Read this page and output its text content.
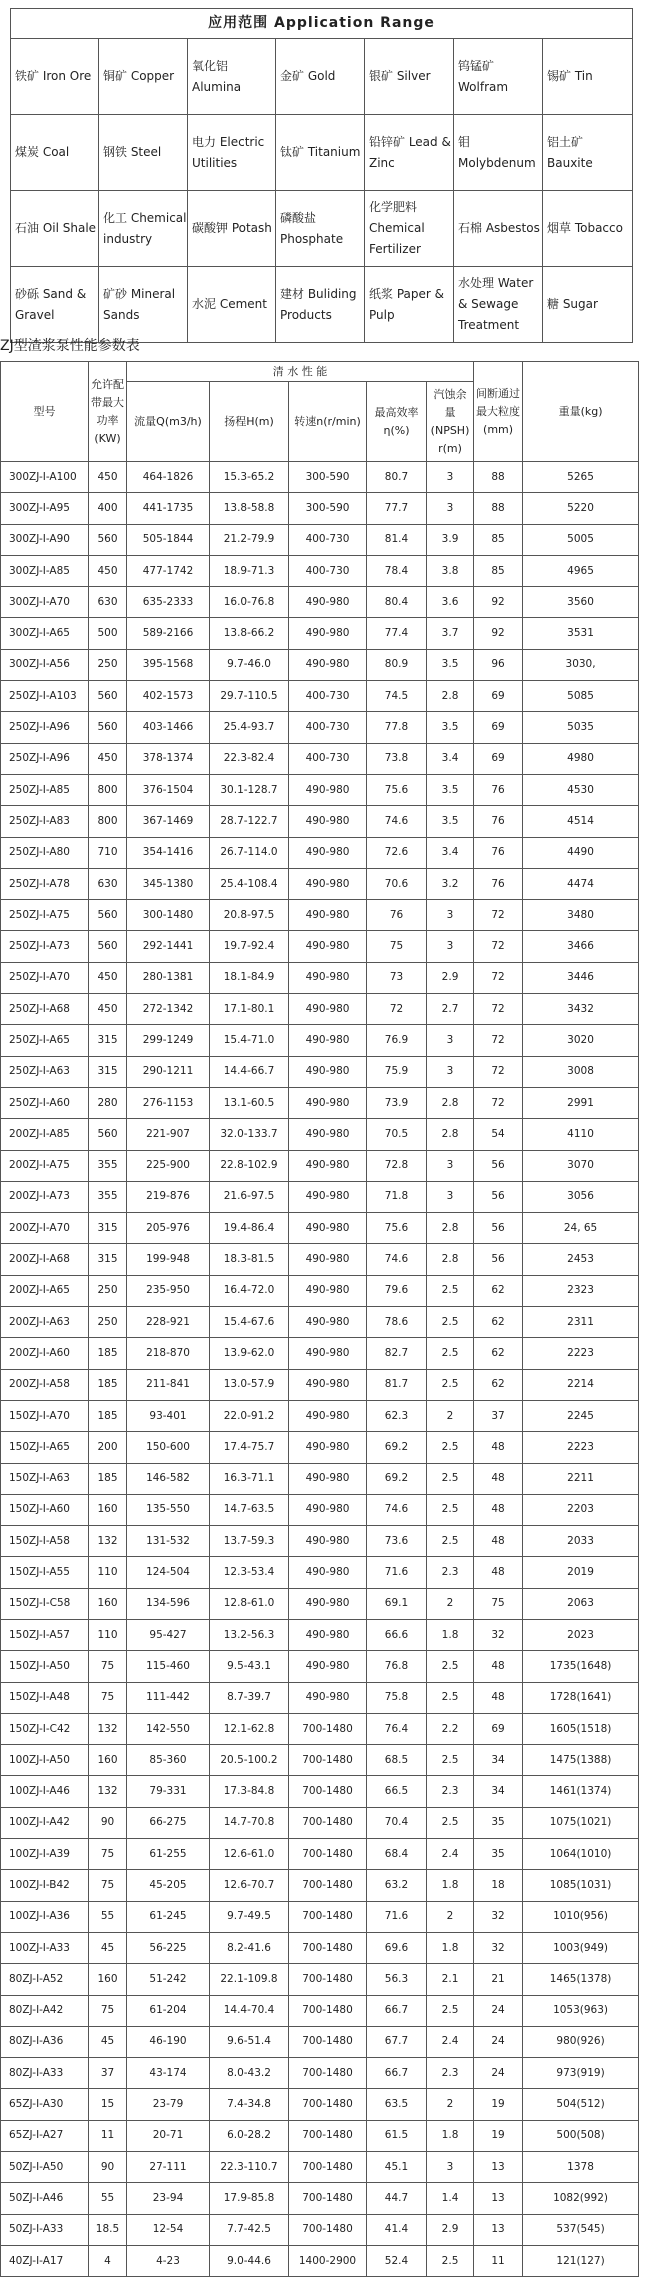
应用范围 Application Range						
铁矿 Iron Ore	铜矿 Copper	氧化铝 Alumina	金矿 Gold	银矿 Silver	钨锰矿 Wolfram	锡矿 Tin
煤炭 Coal	钢铁 Steel	电力 Electric Utilities	钛矿 Titanium	铅锌矿 Lead & Zinc	钼 Molybdenum	铝土矿 Bauxite
石油 Oil Shale	化工 Chemical industry	碳酸钾 Potash	磷酸盐 Phosphate	化学肥料 Chemical Fertilizer	石棉 Asbestos	烟草 Tobacco
砂砾 Sand & Gravel	矿砂 Mineral Sands	水泥 Cement	建材 Buliding Products	纸浆 Paper & Pulp	水处理 Water & Sewage Treatment	糖 Sugar
ZJ型渣浆泵性能参数表
型号	允许配带最大功率(KW)	清 水 性 能					间断通过最大粒度(mm)	重量(kg)
		流量Q(m3/h)	扬程H(m)	转速n(r/min)	最高效率η(%)	汽蚀余量(NPSH)r(m)		
300ZJ-I-A100	450	464-1826	15.3-65.2	300-590	80.7	3	88	5265
300ZJ-I-A95	400	441-1735	13.8-58.8	300-590	77.7	3	88	5220
300ZJ-I-A90	560	505-1844	21.2-79.9	400-730	81.4	3.9	85	5005
300ZJ-I-A85	450	477-1742	18.9-71.3	400-730	78.4	3.8	85	4965
300ZJ-I-A70	630	635-2333	16.0-76.8	490-980	80.4	3.6	92	3560
300ZJ-I-A65	500	589-2166	13.8-66.2	490-980	77.4	3.7	92	3531
300ZJ-I-A56	250	395-1568	9.7-46.0	490-980	80.9	3.5	96	3030,
250ZJ-I-A103	560	402-1573	29.7-110.5	400-730	74.5	2.8	69	5085
250ZJ-I-A96	560	403-1466	25.4-93.7	400-730	77.8	3.5	69	5035
250ZJ-I-A96	450	378-1374	22.3-82.4	400-730	73.8	3.4	69	4980
250ZJ-I-A85	800	376-1504	30.1-128.7	490-980	75.6	3.5	76	4530
250ZJ-I-A83	800	367-1469	28.7-122.7	490-980	74.6	3.5	76	4514
250ZJ-I-A80	710	354-1416	26.7-114.0	490-980	72.6	3.4	76	4490
250ZJ-I-A78	630	345-1380	25.4-108.4	490-980	70.6	3.2	76	4474
250ZJ-I-A75	560	300-1480	20.8-97.5	490-980	76	3	72	3480
250ZJ-I-A73	560	292-1441	19.7-92.4	490-980	75	3	72	3466
250ZJ-I-A70	450	280-1381	18.1-84.9	490-980	73	2.9	72	3446
250ZJ-I-A68	450	272-1342	17.1-80.1	490-980	72	2.7	72	3432
250ZJ-I-A65	315	299-1249	15.4-71.0	490-980	76.9	3	72	3020
250ZJ-I-A63	315	290-1211	14.4-66.7	490-980	75.9	3	72	3008
250ZJ-I-A60	280	276-1153	13.1-60.5	490-980	73.9	2.8	72	2991
200ZJ-I-A85	560	221-907	32.0-133.7	490-980	70.5	2.8	54	4110
200ZJ-I-A75	355	225-900	22.8-102.9	490-980	72.8	3	56	3070
200ZJ-I-A73	355	219-876	21.6-97.5	490-980	71.8	3	56	3056
200ZJ-I-A70	315	205-976	19.4-86.4	490-980	75.6	2.8	56	24, 65
200ZJ-I-A68	315	199-948	18.3-81.5	490-980	74.6	2.8	56	2453
200ZJ-I-A65	250	235-950	16.4-72.0	490-980	79.6	2.5	62	2323
200ZJ-I-A63	250	228-921	15.4-67.6	490-980	78.6	2.5	62	2311
200ZJ-I-A60	185	218-870	13.9-62.0	490-980	82.7	2.5	62	2223
200ZJ-I-A58	185	211-841	13.0-57.9	490-980	81.7	2.5	62	2214
150ZJ-I-A70	185	93-401	22.0-91.2	490-980	62.3	2	37	2245
150ZJ-I-A65	200	150-600	17.4-75.7	490-980	69.2	2.5	48	2223
150ZJ-I-A63	185	146-582	16.3-71.1	490-980	69.2	2.5	48	2211
150ZJ-I-A60	160	135-550	14.7-63.5	490-980	74.6	2.5	48	2203
150ZJ-I-A58	132	131-532	13.7-59.3	490-980	73.6	2.5	48	2033
150ZJ-I-A55	110	124-504	12.3-53.4	490-980	71.6	2.3	48	2019
150ZJ-I-C58	160	134-596	12.8-61.0	490-980	69.1	2	75	2063
150ZJ-I-A57	110	95-427	13.2-56.3	490-980	66.6	1.8	32	2023
150ZJ-I-A50	75	115-460	9.5-43.1	490-980	76.8	2.5	48	1735(1648)
150ZJ-I-A48	75	111-442	8.7-39.7	490-980	75.8	2.5	48	1728(1641)
150ZJ-I-C42	132	142-550	12.1-62.8	700-1480	76.4	2.2	69	1605(1518)
100ZJ-I-A50	160	85-360	20.5-100.2	700-1480	68.5	2.5	34	1475(1388)
100ZJ-I-A46	132	79-331	17.3-84.8	700-1480	66.5	2.3	34	1461(1374)
100ZJ-I-A42	90	66-275	14.7-70.8	700-1480	70.4	2.5	35	1075(1021)
100ZJ-I-A39	75	61-255	12.6-61.0	700-1480	68.4	2.4	35	1064(1010)
100ZJ-I-B42	75	45-205	12.6-70.7	700-1480	63.2	1.8	18	1085(1031)
100ZJ-I-A36	55	61-245	9.7-49.5	700-1480	71.6	2	32	1010(956)
100ZJ-I-A33	45	56-225	8.2-41.6	700-1480	69.6	1.8	32	1003(949)
80ZJ-I-A52	160	51-242	22.1-109.8	700-1480	56.3	2.1	21	1465(1378)
80ZJ-I-A42	75	61-204	14.4-70.4	700-1480	66.7	2.5	24	1053(963)
80ZJ-I-A36	45	46-190	9.6-51.4	700-1480	67.7	2.4	24	980(926)
80ZJ-I-A33	37	43-174	8.0-43.2	700-1480	66.7	2.3	24	973(919)
65ZJ-I-A30	15	23-79	7.4-34.8	700-1480	63.5	2	19	504(512)
65ZJ-I-A27	11	20-71	6.0-28.2	700-1480	61.5	1.8	19	500(508)
50ZJ-I-A50	90	27-111	22.3-110.7	700-1480	45.1	3	13	1378
50ZJ-I-A46	55	23-94	17.9-85.8	700-1480	44.7	1.4	13	1082(992)
50ZJ-I-A33	18.5	12-54	7.7-42.5	700-1480	41.4	2.9	13	537(545)
40ZJ-I-A17	4	4-23	9.0-44.6	1400-2900	52.4	2.5	11	121(127)
